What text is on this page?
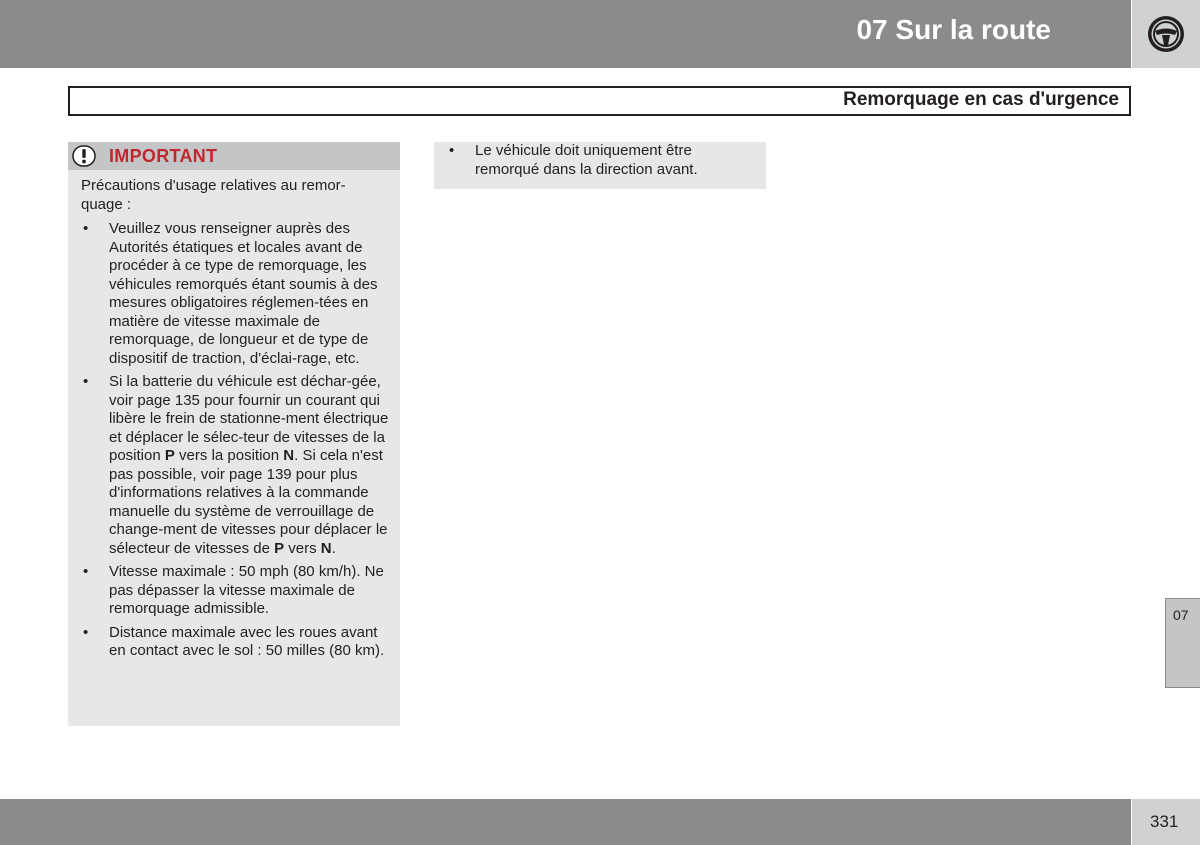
07 Sur la route
Remorquage en cas d'urgence
IMPORTANT
Précautions d'usage relatives au remor-quage :
• Veuillez vous renseigner auprès des Autorités étatiques et locales avant de procéder à ce type de remorquage, les véhicules remorqués étant soumis à des mesures obligatoires réglemen-tées en matière de vitesse maximale de remorquage, de longueur et de type de dispositif de traction, d'éclai-rage, etc.
• Si la batterie du véhicule est déchar-gée, voir page 135 pour fournir un courant qui libère le frein de stationne-ment électrique et déplacer le sélec-teur de vitesses de la position P vers la position N. Si cela n'est pas possible, voir page 139 pour plus d'informations relatives à la commande manuelle du système de verrouillage de change-ment de vitesses pour déplacer le sélecteur de vitesses de P vers N.
• Vitesse maximale : 50 mph (80 km/h). Ne pas dépasser la vitesse maximale de remorquage admissible.
• Distance maximale avec les roues avant en contact avec le sol : 50 milles (80 km).
• Le véhicule doit uniquement être remorqué dans la direction avant.
07
331
